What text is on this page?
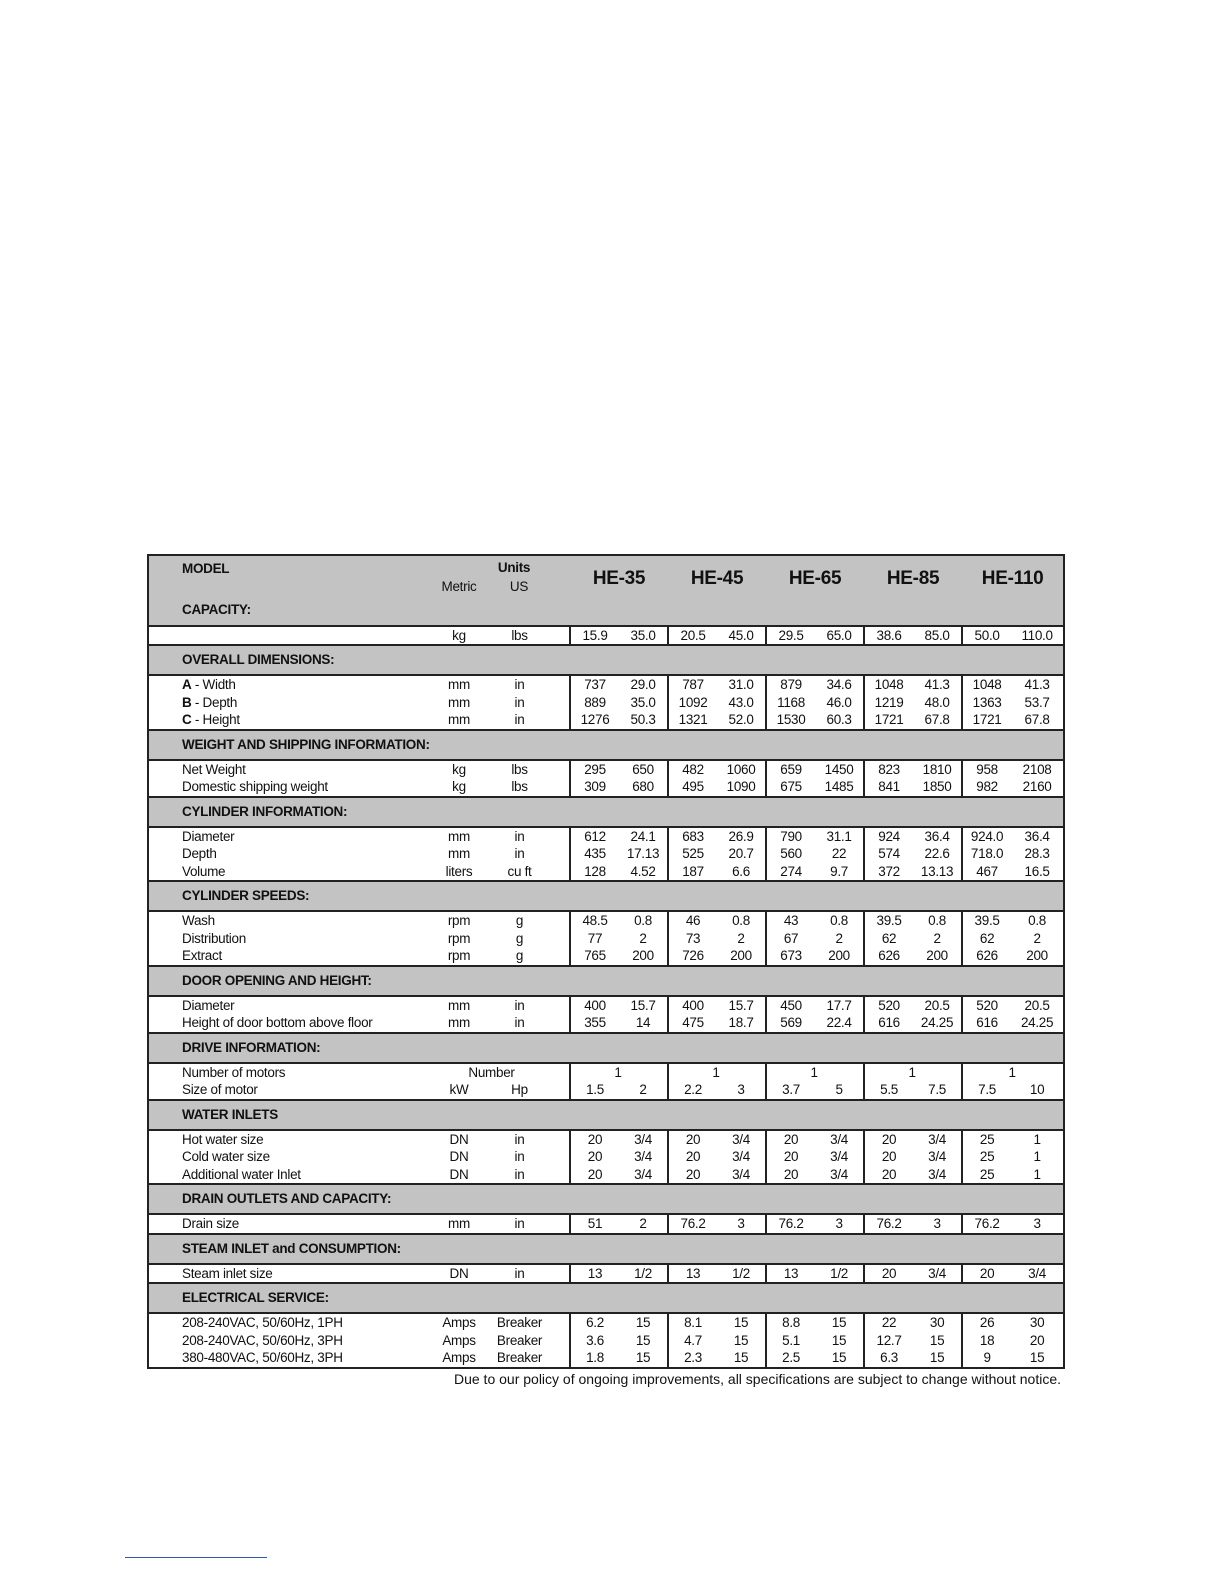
MODEL	Units		HE-35		HE-45		HE-65		HE-85		HE-110	
	Metric	US										
CAPACITY:												
	kg	lbs	15.9	35.0	20.5	45.0	29.5	65.0	38.6	85.0	50.0	110.0
OVERALL DIMENSIONS:												
A - Width	mm	in	737	29.0	787	31.0	879	34.6	1048	41.3	1048	41.3
B - Depth	mm	in	889	35.0	1092	43.0	1168	46.0	1219	48.0	1363	53.7
C - Height	mm	in	1276	50.3	1321	52.0	1530	60.3	1721	67.8	1721	67.8
WEIGHT AND SHIPPING INFORMATION:												
Net Weight	kg	lbs	295	650	482	1060	659	1450	823	1810	958	2108
Domestic shipping weight	kg	lbs	309	680	495	1090	675	1485	841	1850	982	2160
CYLINDER INFORMATION:												
Diameter	mm	in	612	24.1	683	26.9	790	31.1	924	36.4	924.0	36.4
Depth	mm	in	435	17.13	525	20.7	560	22	574	22.6	718.0	28.3
Volume	liters	cu ft	128	4.52	187	6.6	274	9.7	372	13.13	467	16.5
CYLINDER SPEEDS:												
Wash	rpm	g	48.5	0.8	46	0.8	43	0.8	39.5	0.8	39.5	0.8
Distribution	rpm	g	77	2	73	2	67	2	62	2	62	2
Extract	rpm	g	765	200	726	200	673	200	626	200	626	200
DOOR OPENING AND HEIGHT:												
Diameter	mm	in	400	15.7	400	15.7	450	17.7	520	20.5	520	20.5
Height of door bottom above floor	mm	in	355	14	475	18.7	569	22.4	616	24.25	616	24.25
DRIVE INFORMATION:												
Number of motors	Number		1		1		1		1		1	
Size of motor	kW	Hp	1.5	2	2.2	3	3.7	5	5.5	7.5	7.5	10
WATER INLETS												
Hot water size	DN	in	20	3/4	20	3/4	20	3/4	20	3/4	25	1
Cold water size	DN	in	20	3/4	20	3/4	20	3/4	20	3/4	25	1
Additional water Inlet	DN	in	20	3/4	20	3/4	20	3/4	20	3/4	25	1
DRAIN OUTLETS AND CAPACITY:												
Drain size	mm	in	51	2	76.2	3	76.2	3	76.2	3	76.2	3
STEAM INLET and CONSUMPTION:												
Steam inlet size	DN	in	13	1/2	13	1/2	13	1/2	20	3/4	20	3/4
ELECTRICAL SERVICE:												
208-240VAC, 50/60Hz, 1PH	Amps	Breaker	6.2	15	8.1	15	8.8	15	22	30	26	30
208-240VAC, 50/60Hz, 3PH	Amps	Breaker	3.6	15	4.7	15	5.1	15	12.7	15	18	20
380-480VAC, 50/60Hz, 3PH	Amps	Breaker	1.8	15	2.3	15	2.5	15	6.3	15	9	15
Due to our policy of ongoing improvements, all specifications are subject to change without notice.
